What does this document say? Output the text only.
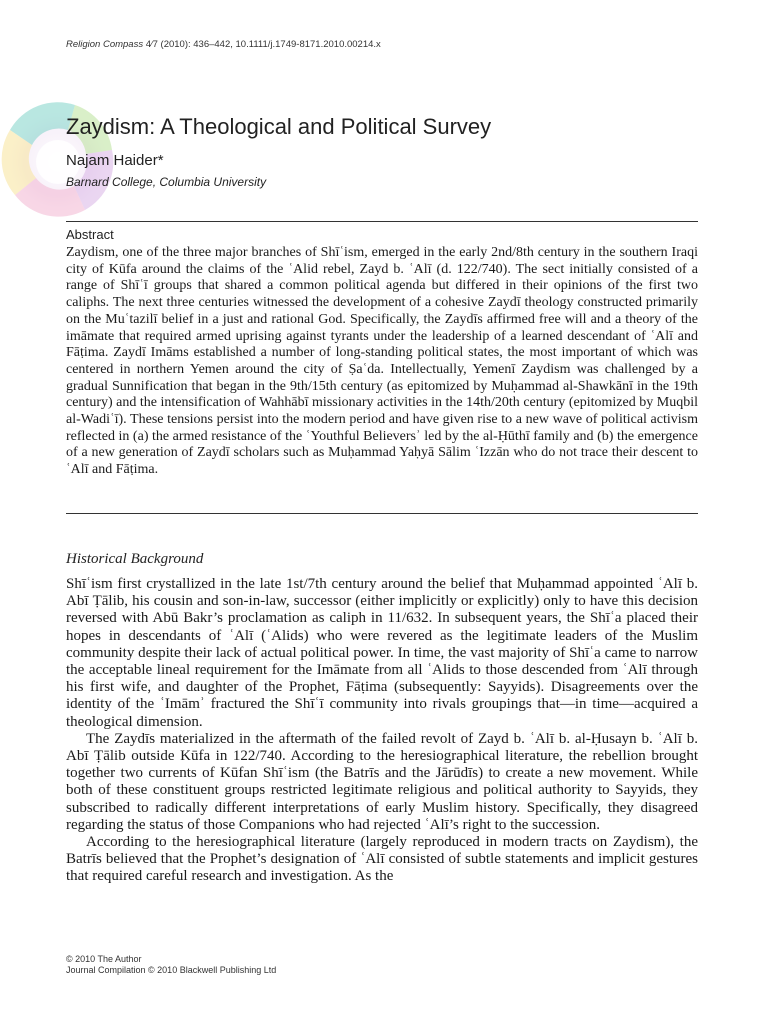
Religion Compass 4⁄7 (2010): 436–442, 10.1111/j.1749-8171.2010.00214.x
Zaydism: A Theological and Political Survey
Najam Haider*
Barnard College, Columbia University
Abstract

Zaydism, one of the three major branches of Shīʿism, emerged in the early 2nd/8th century in the southern Iraqi city of Kūfa around the claims of the ʿAlid rebel, Zayd b. ʿAlī (d. 122/740). The sect initially consisted of a range of Shīʿī groups that shared a common political agenda but differed in their opinions of the first two caliphs. The next three centuries witnessed the development of a cohesive Zaydī theology constructed primarily on the Muʿtazilī belief in a just and rational God. Specifically, the Zaydīs affirmed free will and a theory of the imāmate that required armed uprising against tyrants under the leadership of a learned descendant of ʿAlī and Fāṭima. Zaydī Imāms established a number of long-standing political states, the most important of which was centered in northern Yemen around the city of Ṣaʿda. Intellectually, Yemenī Zaydism was challenged by a gradual Sunnification that began in the 9th/15th century (as epitomized by Muḥammad al-Shawkānī in the 19th century) and the intensification of Wahhābī missionary activities in the 14th/20th century (epitomized by Muqbil al-Wadiʿī). These tensions persist into the modern period and have given rise to a new wave of political activism reflected in (a) the armed resistance of the ʿYouthful Believersʾ led by the al-Ḥūthī family and (b) the emergence of a new generation of Zaydī scholars such as Muḥammad Yaḥyā Sālim ʿIzzān who do not trace their descent to ʿAlī and Fāṭima.

Historical Background

Shīʿism first crystallized in the late 1st/7th century around the belief that Muḥammad appointed ʿAlī b. Abī Ṭālib, his cousin and son-in-law, successor (either implicitly or explicitly) only to have this decision reversed with Abū Bakr’s proclamation as caliph in 11/632. In subsequent years, the Shīʿa placed their hopes in descendants of ʿAlī (ʿAlids) who were revered as the legitimate leaders of the Muslim community despite their lack of actual political power. In time, the vast majority of Shīʿa came to narrow the acceptable lineal requirement for the Imāmate from all ʿAlids to those descended from ʿAlī through his first wife, and daughter of the Prophet, Fāṭima (subsequently: Sayyids). Disagreements over the identity of the ʿImāmʾ fractured the Shīʿī community into rivals groupings that—in time—acquired a theological dimension.

The Zaydīs materialized in the aftermath of the failed revolt of Zayd b. ʿAlī b. al-Ḥusayn b. ʿAlī b. Abī Ṭālib outside Kūfa in 122/740. According to the heresiographical literature, the rebellion brought together two currents of Kūfan Shīʿism (the Batrīs and the Jārūdīs) to create a new movement. While both of these constituent groups restricted legitimate religious and political authority to Sayyids, they subscribed to radically different interpretations of early Muslim history. Specifically, they disagreed regarding the status of those Companions who had rejected ʿAlī’s right to the succession.

According to the heresiographical literature (largely reproduced in modern tracts on Zaydism), the Batrīs believed that the Prophet’s designation of ʿAlī consisted of subtle statements and implicit gestures that required careful research and investigation. As the

© 2010 The Author
Journal Compilation © 2010 Blackwell Publishing Ltd
